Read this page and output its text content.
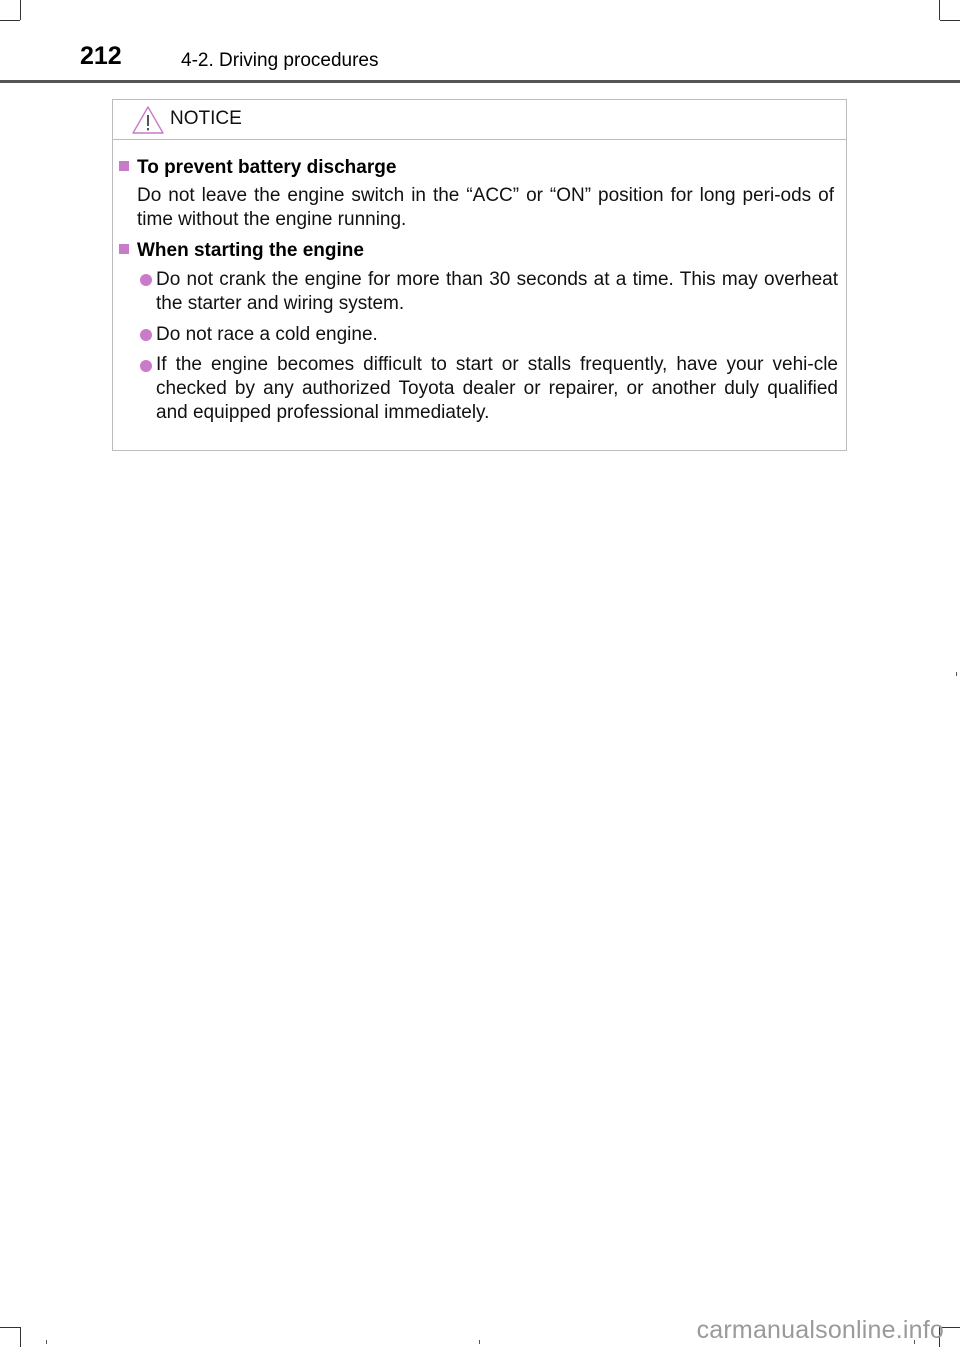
212	4-2. Driving procedures
NOTICE
To prevent battery discharge
Do not leave the engine switch in the “ACC” or “ON” position for long peri-ods of time without the engine running.
When starting the engine
Do not crank the engine for more than 30 seconds at a time. This may overheat the starter and wiring system.
Do not race a cold engine.
If the engine becomes difficult to start or stalls frequently, have your vehi-cle checked by any authorized Toyota dealer or repairer, or another duly qualified and equipped professional immediately.
carmanualsonline.info
